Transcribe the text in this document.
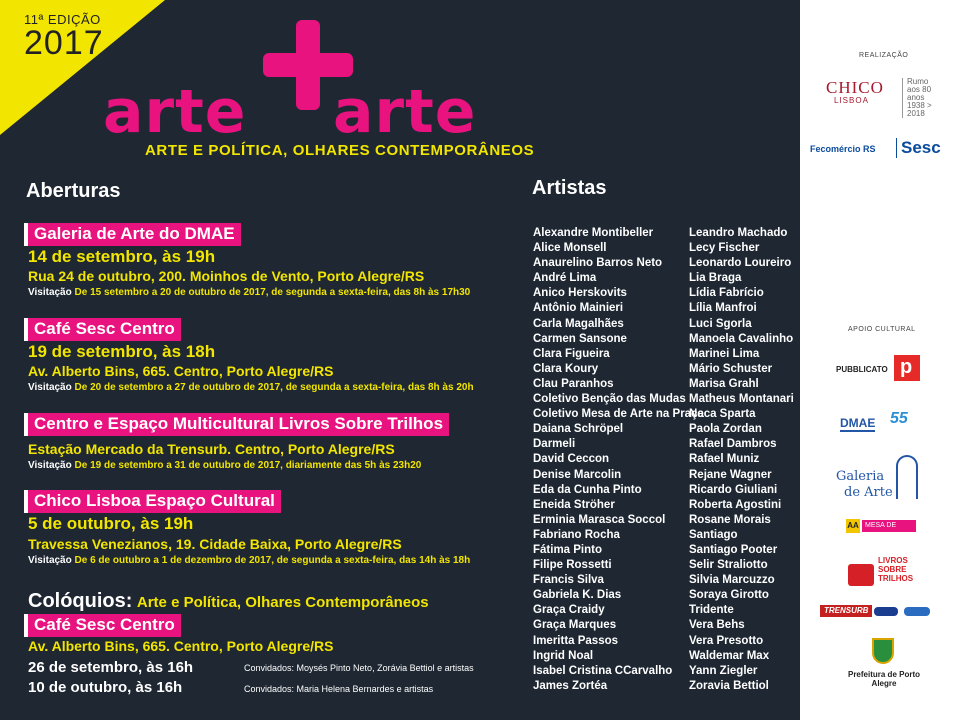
11ª EDIÇÃO
2017
arte arte
ARTE E POLÍTICA, OLHARES CONTEMPORÂNEOS
Aberturas
Galeria de Arte do DMAE
14 de setembro, às 19h
Rua 24 de outubro, 200. Moinhos de Vento, Porto Alegre/RS
Visitação De 15 setembro a 20 de outubro de 2017, de segunda a sexta-feira, das 8h às 17h30
Café Sesc Centro
19 de setembro, às 18h
Av. Alberto Bins, 665. Centro, Porto Alegre/RS
Visitação De 20 de setembro a 27 de outubro de 2017, de segunda a sexta-feira, das 8h às 20h
Centro e Espaço Multicultural Livros Sobre Trilhos
Estação Mercado da Trensurb. Centro, Porto Alegre/RS
Visitação De 19 de setembro a 31 de outubro de 2017, diariamente das 5h às 23h20
Chico Lisboa Espaço Cultural
5 de outubro, às 19h
Travessa Venezianos, 19. Cidade Baixa, Porto Alegre/RS
Visitação De 6 de outubro a 1 de dezembro de 2017, de segunda a sexta-feira, das 14h às 18h
Colóquios: Arte e Política, Olhares Contemporâneos
Café Sesc Centro
Av. Alberto Bins, 665. Centro, Porto Alegre/RS
26 de setembro, às 16h	Convidados: Moysés Pinto Neto, Zorávia Bettiol e artistas
10 de outubro, às 16h	Convidados: Maria Helena Bernardes e artistas
Artistas
Alexandre Montibeller
Alice Monsell
Anaurelino Barros Neto
André Lima
Anico Herskovits
Antônio Mainieri
Carla Magalhães
Carmen Sansone
Clara Figueira
Clara Koury
Clau Paranhos
Coletivo Benção das Mudas
Coletivo Mesa de Arte na Praça
Daiana Schröpel
Darmeli
David Ceccon
Denise Marcolin
Eda da Cunha Pinto
Eneida Ströher
Erminia Marasca Soccol
Fabriano Rocha
Fátima Pinto
Filipe Rossetti
Francis Silva
Gabriela K. Dias
Graça Craidy
Graça Marques
Imeritta Passos
Ingrid Noal
Isabel Cristina CCarvalho
James Zortéa
Leandro Machado
Lecy Fischer
Leonardo Loureiro
Lia Braga
Lídia Fabrício
Lília Manfroi
Luci Sgorla
Manoela Cavalinho
Marinei Lima
Mário Schuster
Marisa Grahl
Matheus Montanari
Neca Sparta
Paola Zordan
Rafael Dambros
Rafael Muniz
Rejane Wagner
Ricardo Giuliani
Roberta Agostini
Rosane Morais
Santiago
Santiago Pooter
Selir Straliotto
Silvia Marcuzzo
Soraya Girotto
Tridente
Vera Behs
Vera Presotto
Waldemar Max
Yann Ziegler
Zoravia Bettiol
REALIZAÇÃO
CHICO
LISBOA
Rumo aos 80 anos 1938 > 2018
Fecomércio RS Sesc
APOIO CULTURAL
PUBBLICATO
p
DMAE 55
Galeria
de Arte
AA MESA DE ARTE
LIVROS SOBRE TRILHOS
TRENSURB
Prefeitura de Porto Alegre
